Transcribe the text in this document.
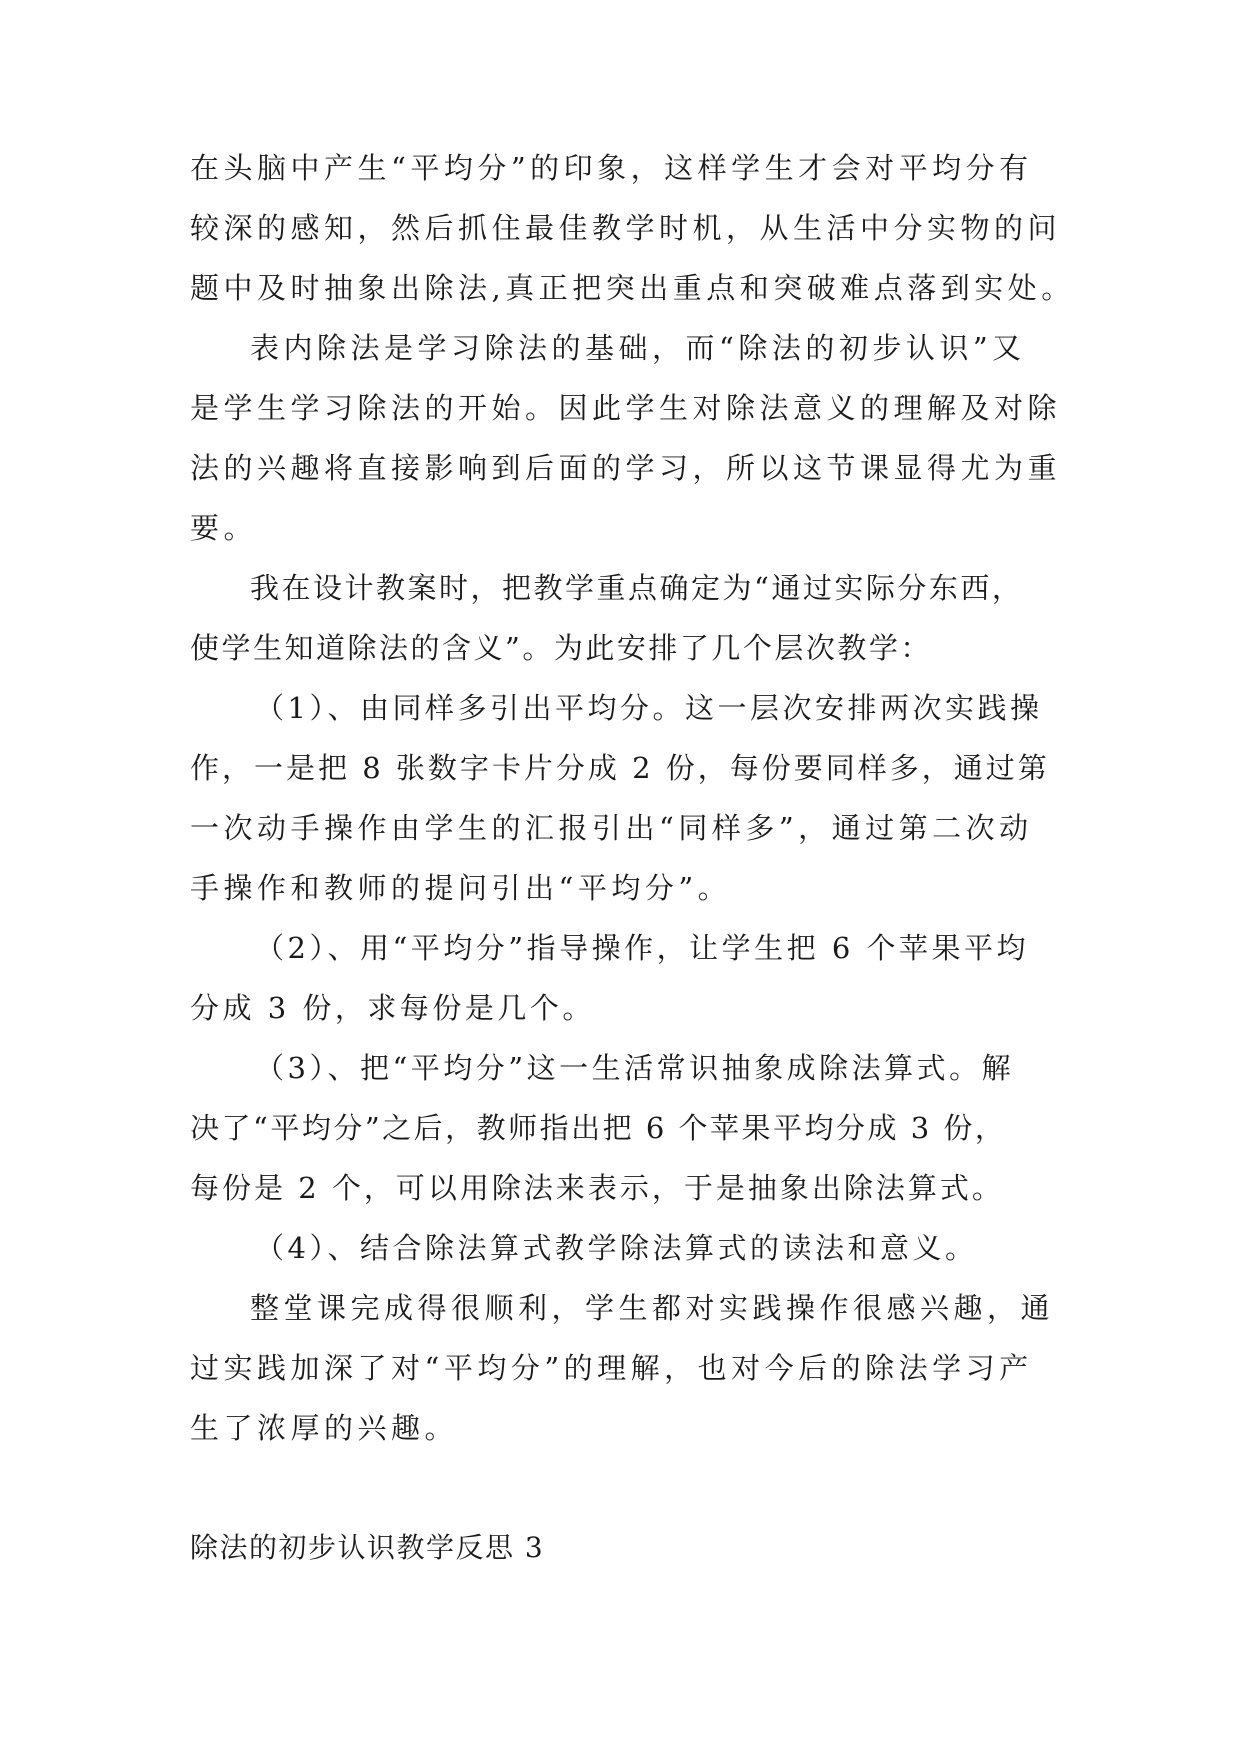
在头脑中产生“平均分”的印象，这样学生才会对平均分有
较深的感知，然后抓住最佳教学时机，从生活中分实物的问
题中及时抽象出除法,真正把突出重点和突破难点落到实处。
表内除法是学习除法的基础，而“除法的初步认识”又
是学生学习除法的开始。因此学生对除法意义的理解及对除
法的兴趣将直接影响到后面的学习，所以这节课显得尤为重
要。
我在设计教案时，把教学重点确定为“通过实际分东西，
使学生知道除法的含义”。为此安排了几个层次教学：
（1）、由同样多引出平均分。这一层次安排两次实践操
作，一是把 8 张数字卡片分成 2 份，每份要同样多，通过第
一次动手操作由学生的汇报引出“同样多”，通过第二次动
手操作和教师的提问引出“平均分”。
（2）、用“平均分”指导操作，让学生把 6 个苹果平均
分成 3 份，求每份是几个。
（3）、把“平均分”这一生活常识抽象成除法算式。解
决了“平均分”之后，教师指出把 6 个苹果平均分成 3 份，
每份是 2 个，可以用除法来表示，于是抽象出除法算式。
（4）、结合除法算式教学除法算式的读法和意义。
整堂课完成得很顺利，学生都对实践操作很感兴趣，通
过实践加深了对“平均分”的理解，也对今后的除法学习产
生了浓厚的兴趣。
除法的初步认识教学反思 3
